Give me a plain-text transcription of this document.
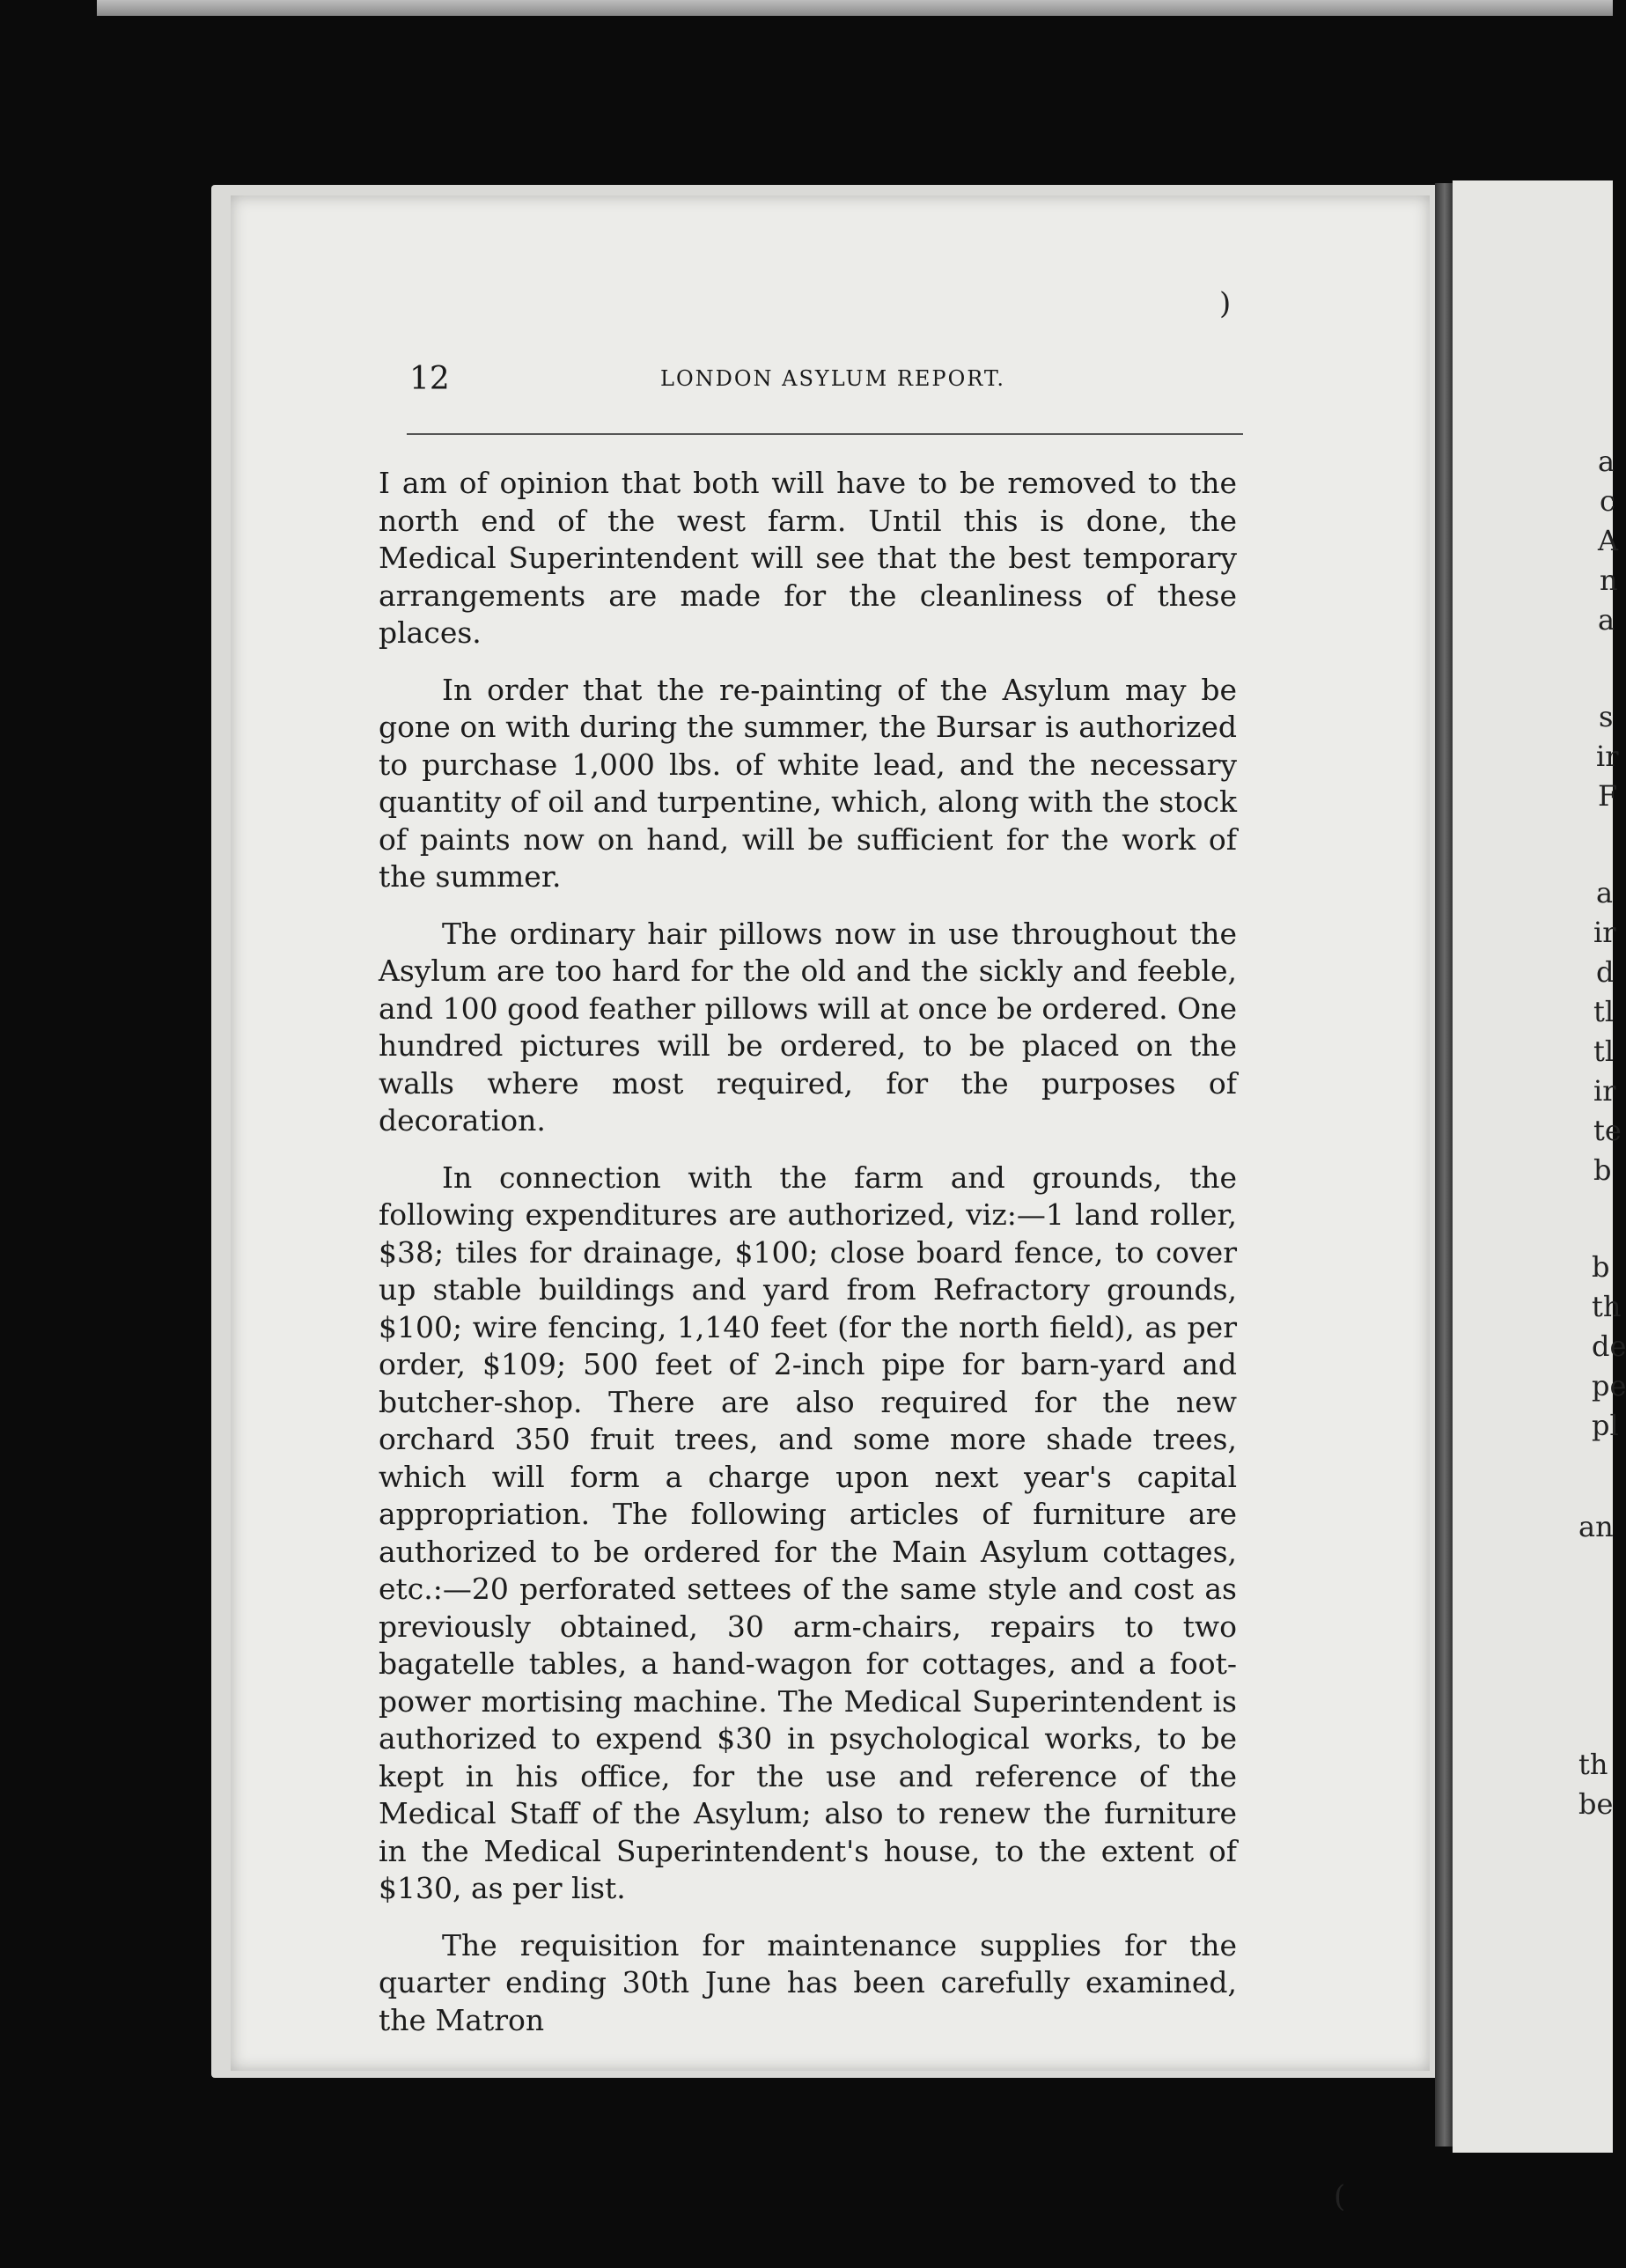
a
c
A
n
a
s
ir
F
a
ir
d
tl
tl
ir
te
b
b
th
de
pe
pl
an
th
be
12	LONDON ASYLUM REPORT.

I am of opinion that both will have to be removed to the north end of the west farm. Until this is done, the Medical Superintendent will see that the best temporary arrangements are made for the cleanliness of these places.

In order that the re-painting of the Asylum may be gone on with during the summer, the Bursar is authorized to purchase 1,000 lbs. of white lead, and the necessary quantity of oil and turpentine, which, along with the stock of paints now on hand, will be sufficient for the work of the summer.

The ordinary hair pillows now in use throughout the Asylum are too hard for the old and the sickly and feeble, and 100 good feather pillows will at once be ordered. One hundred pictures will be ordered, to be placed on the walls where most required, for the purposes of decoration.

In connection with the farm and grounds, the following expenditures are authorized, viz:—1 land roller, $38; tiles for drainage, $100; close board fence, to cover up stable buildings and yard from Refractory grounds, $100; wire fencing, 1,140 feet (for the north field), as per order, $109; 500 feet of 2-inch pipe for barn-yard and butcher-shop. There are also required for the new orchard 350 fruit trees, and some more shade trees, which will form a charge upon next year's capital appropriation. The following articles of furniture are authorized to be ordered for the Main Asylum cottages, etc.:—20 perforated settees of the same style and cost as previously obtained, 30 arm-chairs, repairs to two bagatelle tables, a hand-wagon for cottages, and a foot-power mortising machine. The Medical Superintendent is authorized to expend $30 in psychological works, to be kept in his office, for the use and reference of the Medical Staff of the Asylum; also to renew the furniture in the Medical Superintendent's house, to the extent of $130, as per list.

The requisition for maintenance supplies for the quarter ending 30th June has been carefully examined, the Matron

)
(
